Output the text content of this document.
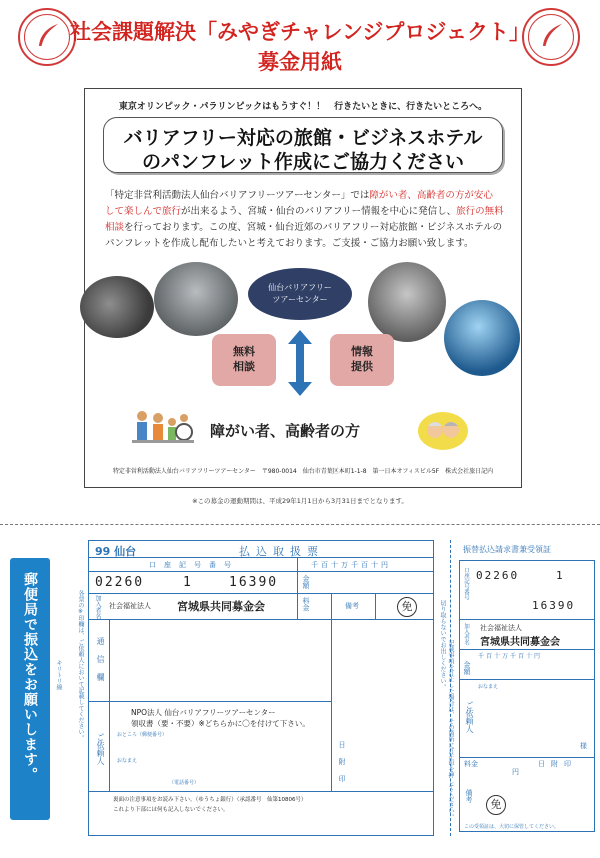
社会課題解決「みやぎチャレンジプロジェクト」
募金用紙
東京オリンピック・パラリンピックはもうすぐ！！　行きたいときに、行きたいところへ。
バリアフリー対応の旅館・ビジネスホテル
のパンフレット作成にご協力ください
「特定非営利活動法人仙台バリアフリーツアーセンター」では障がい者、高齢者の方が安心
して楽しんで旅行が出来るよう、宮城・仙台のバリアフリー情報を中心に発信し、旅行の無料
相談を行っております。この度、宮城・仙台近郊のバリアフリー対応旅館・ビジネスホテルの
パンフレットを作成し配布したいと考えております。ご支援・ご協力お願い致します。
仙台バリアフリー
ツアーセンター
無料
相談
情報
提供
障がい者、高齢者の方
特定非営利活動法人仙台バリアフリーツアーセンター　〒980-0014　仙台市青葉区本町1-1-8　第一日本オフィスビル5F　株式会社旅日記内
※この募金の運動期間は、平成29年1月1日から3月31日までとなります。
郵便局で振込をお願いします。	キリトリ線	各票の※印欄は、ご依頼人において記載してください。
99 仙台	払込取扱票
口座記号番号	千百十万千百十円
02260	1	16390	金額
加入者名 社会福祉法人 宮城県共同募金会	料金	備考	免
通信欄
NPO法人 仙台バリアフリーツアーセンター
領収書（要・不要）※どちらかに〇を付けて下さい。
ご依頼人 おところ（郵便番号）
おなまえ
（電話番号）	日附印
裏面の注意事項をお読み下さい。（ゆうちょ銀行）（承認番号　仙第10806号）
これより下部には何も記入しないでください。
切り取らないでお出しください。
振替払込請求書兼受領証
口座記号番号 02260	1
16390
加入者名 社会福祉法人
宮城県共同募金会
千百十万千百十円
金額
ご依頼人
おなまえ
様
料金
円
日附印
備考
免
この受領証は、大切に保管してください。
記載事項を訂正した場合は、その箇所に訂正印を押してください。
